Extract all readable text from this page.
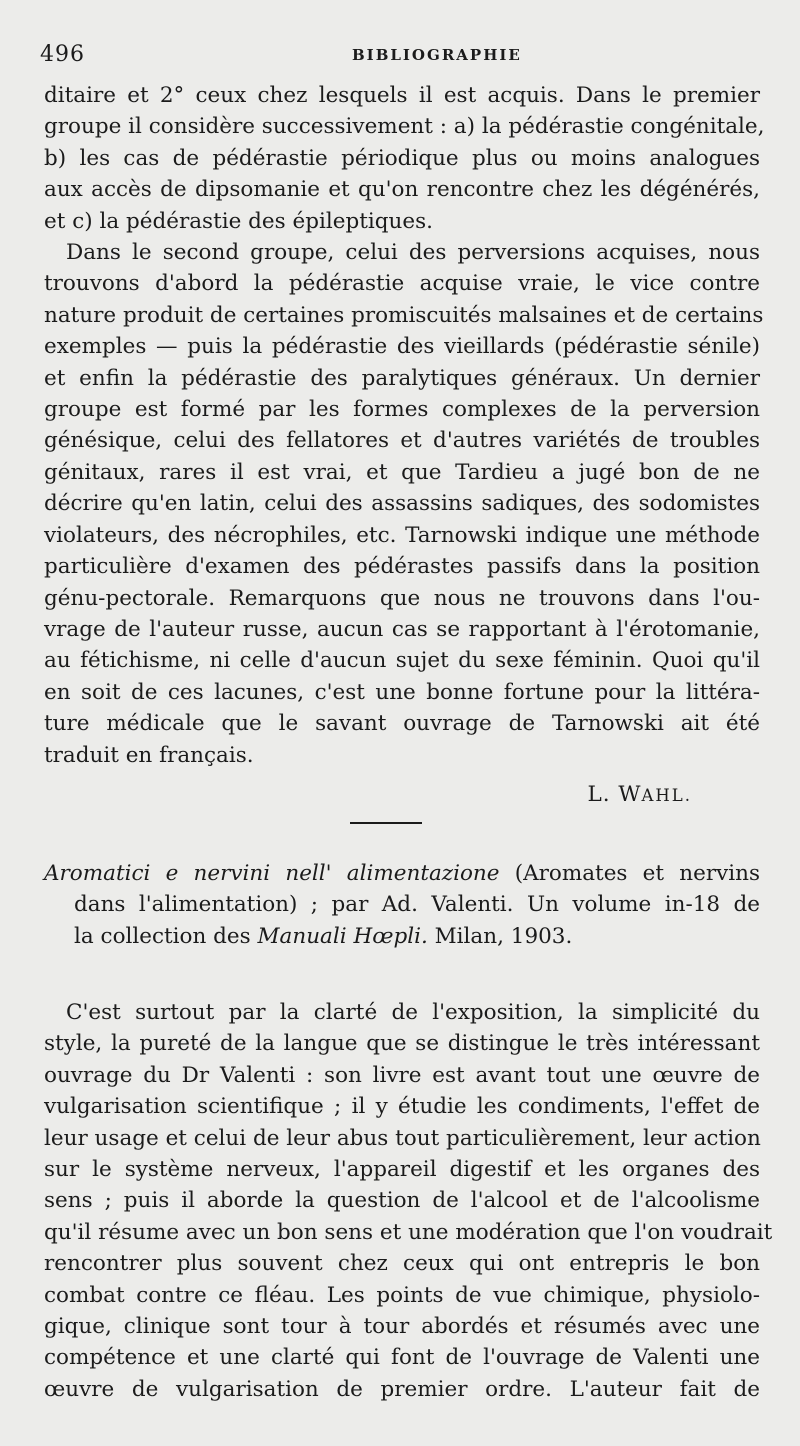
496	BIBLIOGRAPHIE
ditaire et 2° ceux chez lesquels il est acquis. Dans le premier
groupe il considère successivement : a) la pédérastie congénitale,
b) les cas de pédérastie périodique plus ou moins analogues
aux accès de dipsomanie et qu'on rencontre chez les dégénérés,
et c) la pédérastie des épileptiques.
Dans le second groupe, celui des perversions acquises, nous
trouvons d'abord la pédérastie acquise vraie, le vice contre
nature produit de certaines promiscuités malsaines et de certains
exemples — puis la pédérastie des vieillards (pédérastie sénile)
et enfin la pédérastie des paralytiques généraux. Un dernier
groupe est formé par les formes complexes de la perversion
génésique, celui des fellatores et d'autres variétés de troubles
génitaux, rares il est vrai, et que Tardieu a jugé bon de ne
décrire qu'en latin, celui des assassins sadiques, des sodomistes
violateurs, des nécrophiles, etc. Tarnowski indique une méthode
particulière d'examen des pédérastes passifs dans la position
génu-pectorale. Remarquons que nous ne trouvons dans l'ou-
vrage de l'auteur russe, aucun cas se rapportant à l'érotomanie,
au fétichisme, ni celle d'aucun sujet du sexe féminin. Quoi qu'il
en soit de ces lacunes, c'est une bonne fortune pour la littéra-
ture médicale que le savant ouvrage de Tarnowski ait été
traduit en français.
L. WAHL.
Aromatici e nervini nell' alimentazione (Aromates et nervins
dans l'alimentation) ; par Ad. Valenti. Un volume in-18 de
la collection des Manuali Hœpli. Milan, 1903.
C'est surtout par la clarté de l'exposition, la simplicité du
style, la pureté de la langue que se distingue le très intéressant
ouvrage du Dr Valenti : son livre est avant tout une œuvre de
vulgarisation scientifique ; il y étudie les condiments, l'effet de
leur usage et celui de leur abus tout particulièrement, leur action
sur le système nerveux, l'appareil digestif et les organes des
sens ; puis il aborde la question de l'alcool et de l'alcoolisme
qu'il résume avec un bon sens et une modération que l'on voudrait
rencontrer plus souvent chez ceux qui ont entrepris le bon
combat contre ce fléau. Les points de vue chimique, physiolo-
gique, clinique sont tour à tour abordés et résumés avec une
compétence et une clarté qui font de l'ouvrage de Valenti une
œuvre de vulgarisation de premier ordre. L'auteur fait de
